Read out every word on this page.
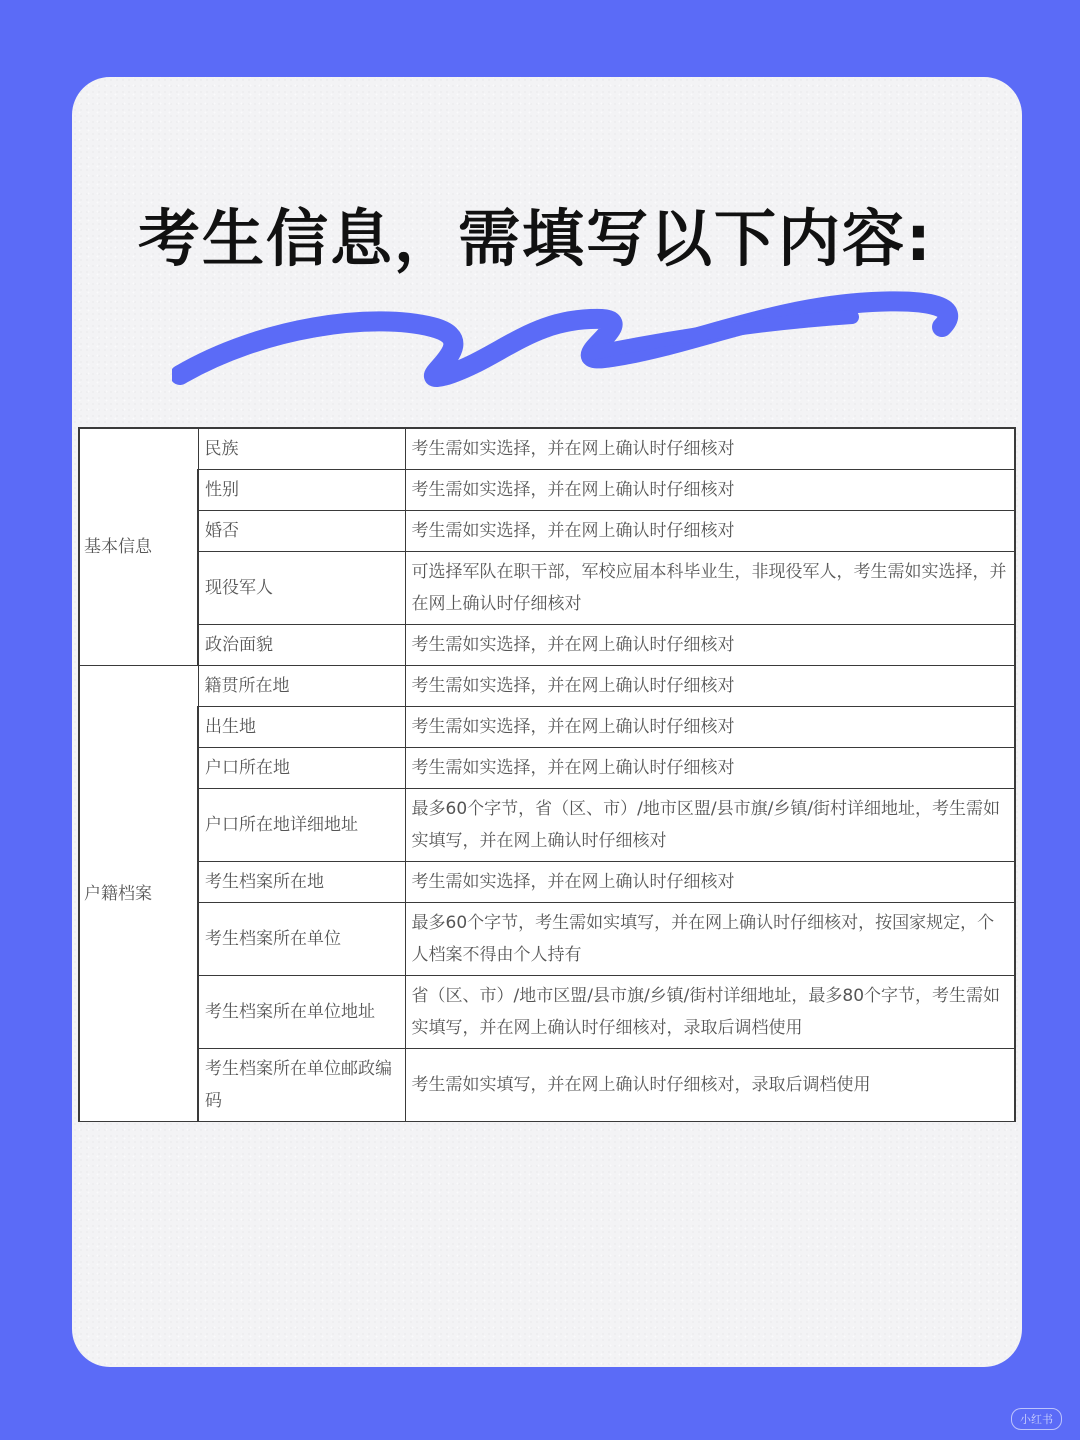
考生信息，需填写以下内容:
基本信息	民族	考生需如实选择，并在网上确认时仔细核对
	性别	考生需如实选择，并在网上确认时仔细核对
	婚否	考生需如实选择，并在网上确认时仔细核对
	现役军人	可选择军队在职干部，军校应届本科毕业生，非现役军人，考生需如实选择，并在网上确认时仔细核对
	政治面貌	考生需如实选择，并在网上确认时仔细核对
户籍档案	籍贯所在地	考生需如实选择，并在网上确认时仔细核对
	出生地	考生需如实选择，并在网上确认时仔细核对
	户口所在地	考生需如实选择，并在网上确认时仔细核对
	户口所在地详细地址	最多60个字节，省（区、市）/地市区盟/县市旗/乡镇/街村详细地址，考生需如实填写，并在网上确认时仔细核对
	考生档案所在地	考生需如实选择，并在网上确认时仔细核对
	考生档案所在单位	最多60个字节，考生需如实填写，并在网上确认时仔细核对，按国家规定，个人档案不得由个人持有
	考生档案所在单位地址	省（区、市）/地市区盟/县市旗/乡镇/街村详细地址，最多80个字节，考生需如实填写，并在网上确认时仔细核对，录取后调档使用
	考生档案所在单位邮政编码	考生需如实填写，并在网上确认时仔细核对，录取后调档使用
小红书
